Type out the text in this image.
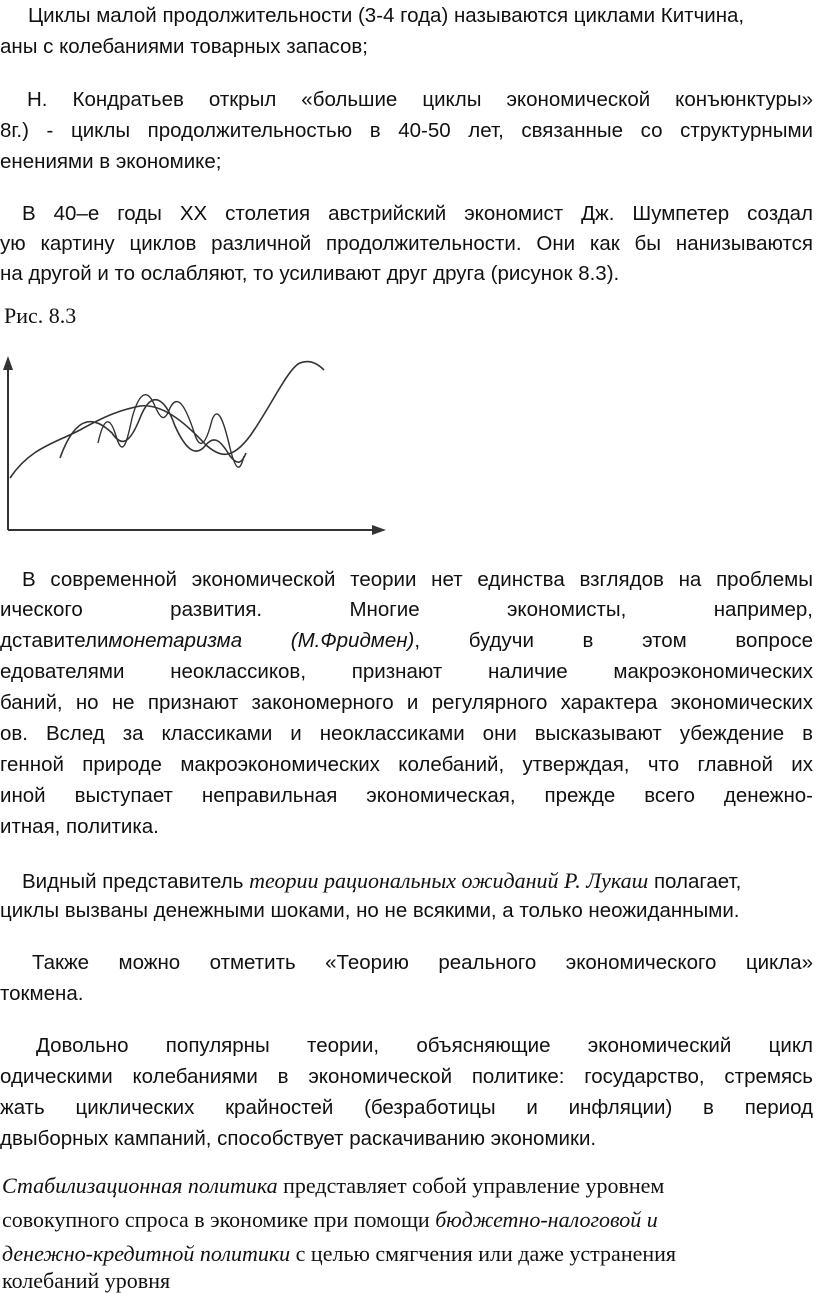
Циклы малой продолжительности (3-4 года) называются циклами Китчина,

аны с колебаниями товарных запасов;

Н. Кондратьев открыл «большие циклы экономической конъюнктуры»

8г.) - циклы продолжительностью в 40-50 лет, связанные со структурными

енениями в экономике;

В 40–е годы XX столетия австрийский экономист Дж. Шумпетер создал

ую картину циклов различной продолжительности. Они как бы нанизываются

на другой и то ослабляют, то усиливают друг друга (рисунок 8.3).

Рис. 8.3

В современной экономической теории нет единства взглядов на проблемы

ического развития. Многие экономисты, например,

дставителимонетаризма (М.Фридмен), будучи в этом вопросе

едователями неоклассиков, признают наличие макроэкономических

баний, но не признают закономерного и регулярного характера экономических

ов. Вслед за классиками и неоклассиками они высказывают убеждение в

генной природе макроэкономических колебаний, утверждая, что главной их

иной выступает неправильная экономическая, прежде всего денежно-

итная, политика.

Видный представитель теории рациональных ожиданий Р. Лукаш полагает,

циклы вызваны денежными шоками, но не всякими, а только неожиданными.

Также можно отметить «Теорию реального экономического цикла»

токмена.

Довольно популярны теории, объясняющие экономический цикл

одическими колебаниями в экономической политике: государство, стремясь

жать циклических крайностей (безработицы и инфляции) в период

двыборных кампаний, способствует раскачиванию экономики.

Стабилизационная политика представляет собой управление уровнем

совокупного спроса в экономике при помощи бюджетно-налоговой и

денежно-кредитной политики с целью смягчения или даже устранения

колебаний уровня
